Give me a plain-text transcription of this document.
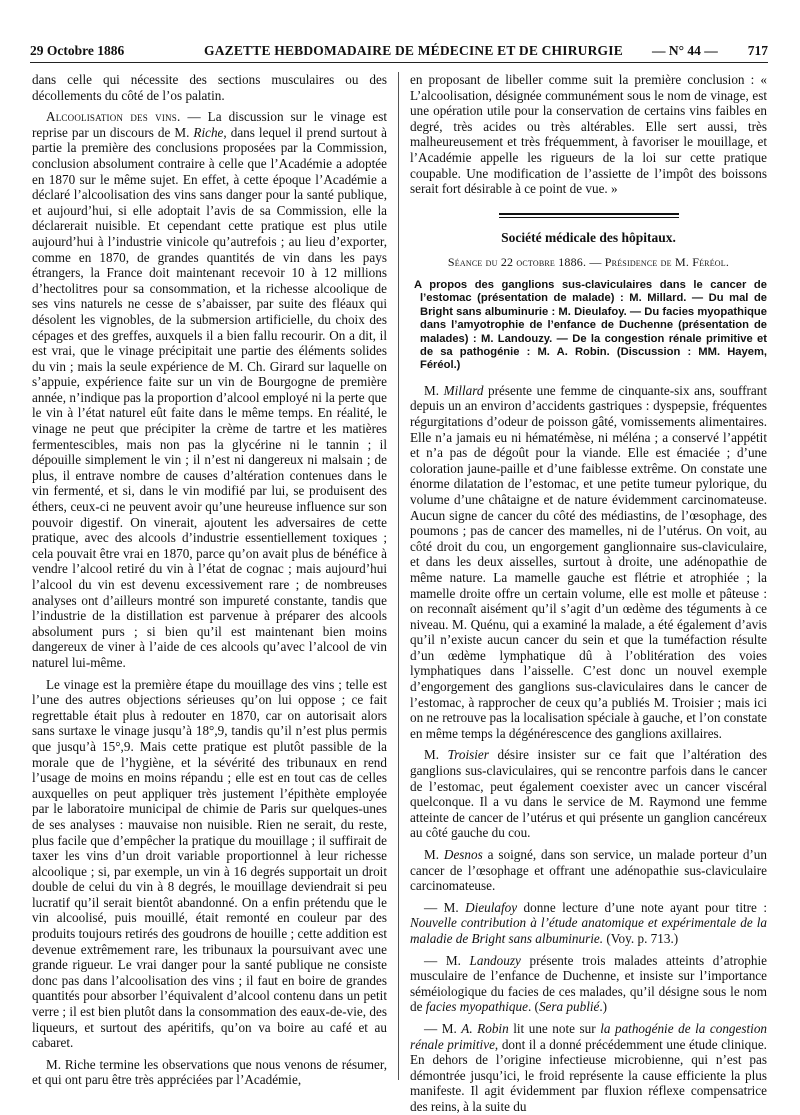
29 Octobre 1886	GAZETTE HEBDOMADAIRE DE MÉDECINE ET DE CHIRURGIE — N° 44 — 717

dans celle qui nécessite des sections musculaires ou des décollements du côté de l’os palatin.

Alcoolisation des vins. — La discussion sur le vinage est reprise par un discours de M. Riche, dans lequel il prend surtout à partie la première des conclusions proposées par la Commission, conclusion absolument contraire à celle que l’Académie a adoptée en 1870 sur le même sujet. En effet, à cette époque l’Académie a déclaré l’alcoolisation des vins sans danger pour la santé publique, et aujourd’hui, si elle adoptait l’avis de sa Commission, elle la déclarerait nuisible. Et cependant cette pratique est plus utile aujourd’hui à l’industrie vinicole qu’autrefois ; au lieu d’exporter, comme en 1870, de grandes quantités de vin dans les pays étrangers, la France doit maintenant recevoir 10 à 12 millions d’hectolitres pour sa consommation, et la richesse alcoolique de ses vins naturels ne cesse de s’abaisser, par suite des fléaux qui désolent les vignobles, de la submersion artificielle, du choix des cépages et des greffes, auxquels il a bien fallu recourir. On a dit, il est vrai, que le vinage précipitait une partie des éléments solides du vin ; mais la seule expérience de M. Ch. Girard sur laquelle on s’appuie, expérience faite sur un vin de Bourgogne de première année, n’indique pas la proportion d’alcool employé ni la perte que le vin à l’état naturel eût faite dans le même temps. En réalité, le vinage ne peut que précipiter la crème de tartre et les matières fermentescibles, mais non pas la glycérine ni le tannin ; il dépouille simplement le vin ; il n’est ni dangereux ni malsain ; de plus, il entrave nombre de causes d’altération contenues dans le vin fermenté, et si, dans le vin modifié par lui, se produisent des éthers, ceux-ci ne peuvent avoir qu’une heureuse influence sur son pouvoir digestif. On vinerait, ajoutent les adversaires de cette pratique, avec des alcools d’industrie essentiellement toxiques ; cela pouvait être vrai en 1870, parce qu’on avait plus de bénéfice à vendre l’alcool retiré du vin à l’état de cognac ; mais aujourd’hui l’alcool du vin est devenu excessivement rare ; de nombreuses analyses ont d’ailleurs montré son impureté constante, tandis que l’industrie de la distillation est parvenue à préparer des alcools absolument purs ; si bien qu’il est maintenant bien moins dangereux de viner à l’aide de ces alcools qu’avec l’alcool de vin naturel lui-même.

Le vinage est la première étape du mouillage des vins ; telle est l’une des autres objections sérieuses qu’on lui oppose ; ce fait regrettable était plus à redouter en 1870, car on autorisait alors sans surtaxe le vinage jusqu’à 18°,9, tandis qu’il n’est plus permis que jusqu’à 15°,9. Mais cette pratique est plutôt passible de la morale que de l’hygiène, et la sévérité des tribunaux en rend l’usage de moins en moins répandu ; elle est en tout cas de celles auxquelles on peut appliquer très justement l’épithète employée par le laboratoire municipal de chimie de Paris sur quelques-unes de ses analyses : mauvaise non nuisible. Rien ne serait, du reste, plus facile que d’empêcher la pratique du mouillage ; il suffirait de taxer les vins d’un droit variable proportionnel à leur richesse alcoolique ; si, par exemple, un vin à 16 degrés supportait un droit double de celui du vin à 8 degrés, le mouillage deviendrait si peu lucratif qu’il serait bientôt abandonné. On a enfin prétendu que le vin alcoolisé, puis mouillé, était remonté en couleur par des produits toujours retirés des goudrons de houille ; cette addition est devenue extrêmement rare, les tribunaux la poursuivant avec une grande rigueur. Le vrai danger pour la santé publique ne consiste donc pas dans l’alcoolisation des vins ; il faut en boire de grandes quantités pour absorber l’équivalent d’alcool contenu dans un petit verre ; il est bien plutôt dans la consommation des eaux-de-vie, des liqueurs, et surtout des apéritifs, qu’on va boire au café et au cabaret.

M. Riche termine les observations que nous venons de résumer, et qui ont paru être très appréciées par l’Académie,

en proposant de libeller comme suit la première conclusion : « L’alcoolisation, désignée communément sous le nom de vinage, est une opération utile pour la conservation de certains vins faibles en degré, très acides ou très altérables. Elle sert aussi, très malheureusement et très fréquemment, à favoriser le mouillage, et l’Académie appelle les rigueurs de la loi sur cette pratique coupable. Une modification de l’assiette de l’impôt des boissons serait fort désirable à ce point de vue. »

Société médicale des hôpitaux.
Séance du 22 octobre 1886. — Présidence de M. Féréol.
A propos des ganglions sus-claviculaires dans le cancer de l’estomac (présentation de malade) : M. Millard. — Du mal de Bright sans albuminurie : M. Dieulafoy. — Du facies myopathique dans l’amyotrophie de l’enfance de Duchenne (présentation de malades) : M. Landouzy. — De la congestion rénale primitive et de sa pathogénie : M. A. Robin. (Discussion : MM. Hayem, Féréol.)

M. Millard présente une femme de cinquante-six ans, souffrant depuis un an environ d’accidents gastriques : dyspepsie, fréquentes régurgitations d’odeur de poisson gâté, vomissements alimentaires. Elle n’a jamais eu ni hématémèse, ni méléna ; a conservé l’appétit et n’a pas de dégoût pour la viande. Elle est émaciée ; d’une coloration jaune-paille et d’une faiblesse extrême. On constate une énorme dilatation de l’estomac, et une petite tumeur pylorique, du volume d’une châtaigne et de nature évidemment carcinomateuse. Aucun signe de cancer du côté des médiastins, de l’œsophage, des poumons ; pas de cancer des mamelles, ni de l’utérus. On voit, au côté droit du cou, un engorgement ganglionnaire sus-claviculaire, et dans les deux aisselles, surtout à droite, une adénopathie de même nature. La mamelle gauche est flétrie et atrophiée ; la mamelle droite offre un certain volume, elle est molle et pâteuse : on reconnaît aisément qu’il s’agit d’un œdème des téguments à ce niveau. M. Quénu, qui a examiné la malade, a été également d’avis qu’il n’existe aucun cancer du sein et que la tuméfaction résulte d’un œdème lymphatique dû à l’oblitération des voies lymphatiques dans l’aisselle. C’est donc un nouvel exemple d’engorgement des ganglions sus-claviculaires dans le cancer de l’estomac, à rapprocher de ceux qu’a publiés M. Troisier ; mais ici on ne retrouve pas la localisation spéciale à gauche, et l’on constate en même temps la dégénérescence des ganglions axillaires.

M. Troisier désire insister sur ce fait que l’altération des ganglions sus-claviculaires, qui se rencontre parfois dans le cancer de l’estomac, peut également coexister avec un cancer viscéral quelconque. Il a vu dans le service de M. Raymond une femme atteinte de cancer de l’utérus et qui présente un ganglion cancéreux au côté gauche du cou.

M. Desnos a soigné, dans son service, un malade porteur d’un cancer de l’œsophage et offrant une adénopathie sus-claviculaire carcinomateuse.

— M. Dieulafoy donne lecture d’une note ayant pour titre : Nouvelle contribution à l’étude anatomique et expérimentale de la maladie de Bright sans albuminurie. (Voy. p. 713.)

— M. Landouzy présente trois malades atteints d’atrophie musculaire de l’enfance de Duchenne, et insiste sur l’importance séméiologique du facies de ces malades, qu’il désigne sous le nom de facies myopathique. (Sera publié.)

— M. A. Robin lit une note sur la pathogénie de la congestion rénale primitive, dont il a donné précédemment une étude clinique. En dehors de l’origine infectieuse microbienne, qui n’est pas démontrée jusqu’ici, le froid représente la cause efficiente la plus manifeste. Il agit évidemment par fluxion réflexe compensatrice des reins, à la suite du
